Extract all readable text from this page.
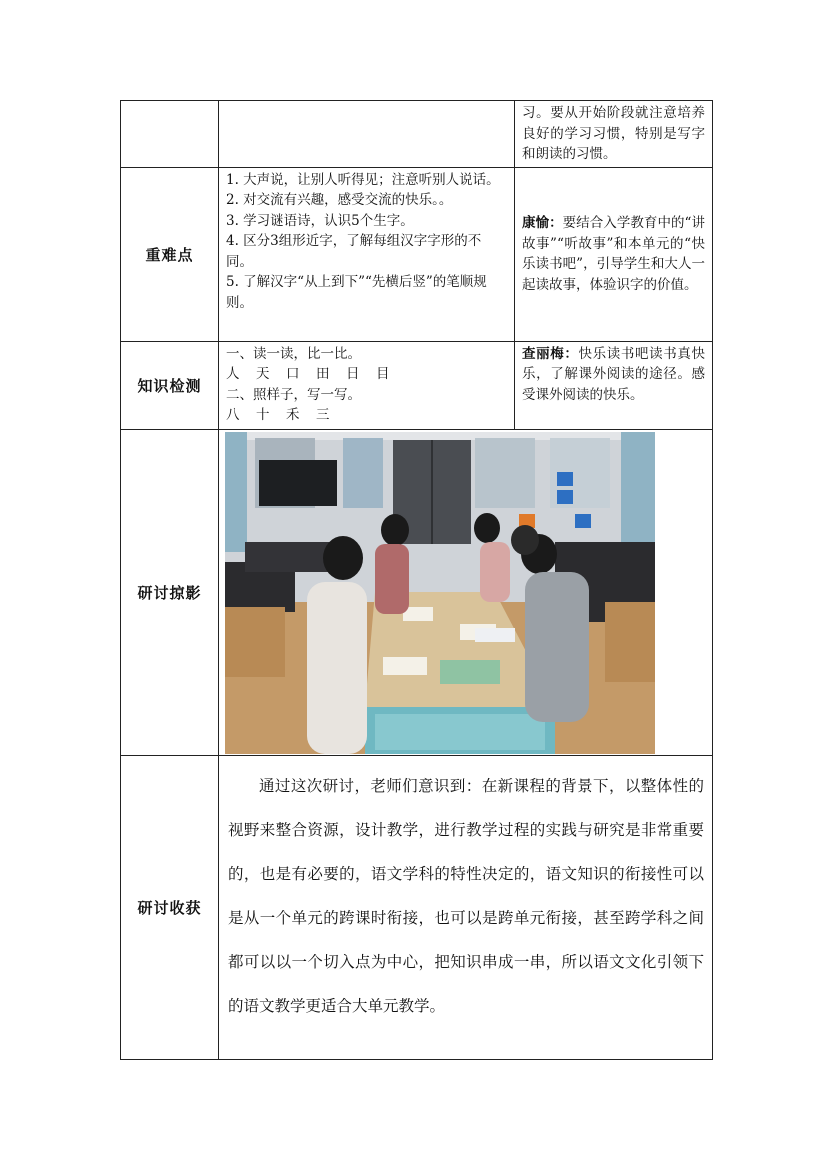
		习。要从开始阶段就注意培养良好的学习习惯，特别是写字和朗读的习惯。
重难点	1. 大声说，让别人听得见；注意听别人说话。
2. 对交流有兴趣，感受交流的快乐。。
3. 学习谜语诗，认识5个生字。
4. 区分3组形近字，了解每组汉字字形的不同。
5. 了解汉字“从上到下”“先横后竖”的笔顺规则。	康愉：要结合入学教育中的“讲故事”“听故事”和本单元的“快乐读书吧”，引导学生和大人一起读故事，体验识字的价值。
知识检测	一、读一读，比一比。
人 天 口 田 日 目
二、照样子，写一写。
八 十 禾 三	查丽梅：快乐读书吧读书真快乐，了解课外阅读的途径。感受课外阅读的快乐。
研讨掠影	

研讨收获	通过这次研讨，老师们意识到：在新课程的背景下，以整体性的视野来整合资源，设计教学，进行教学过程的实践与研究是非常重要的，也是有必要的，语文学科的特性决定的，语文知识的衔接性可以是从一个单元的跨课时衔接，也可以是跨单元衔接，甚至跨学科之间都可以以一个切入点为中心，把知识串成一串，所以语文文化引领下的语文教学更适合大单元教学。	
